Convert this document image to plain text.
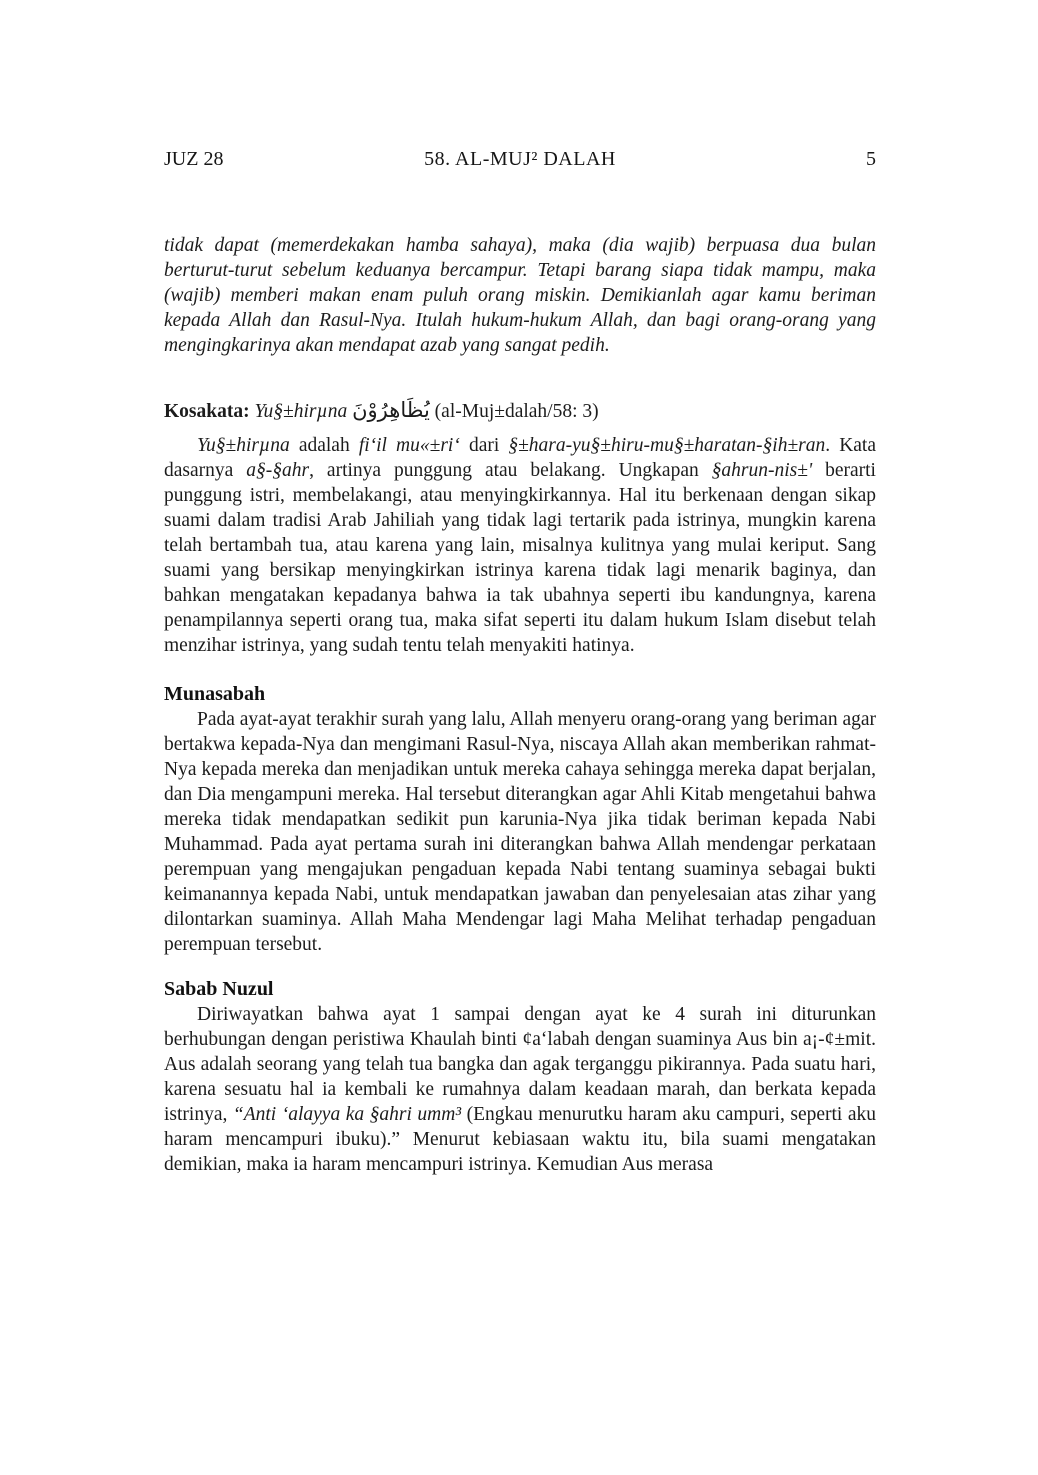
JUZ 28	58. AL-MUJ² DALAH	5

tidak dapat (memerdekakan hamba sahaya), maka (dia wajib) berpuasa dua bulan berturut-turut sebelum keduanya bercampur. Tetapi barang siapa tidak mampu, maka (wajib) memberi makan enam puluh orang miskin. Demikianlah agar kamu beriman kepada Allah dan Rasul-Nya. Itulah hukum-hukum Allah, dan bagi orang-orang yang mengingkarinya akan mendapat azab yang sangat pedih.

Kosakata: Yu§±hirµna يُظَاهِرُوْنَ (al-Muj±dalah/58: 3)

Yu§±hirµna adalah fi‘il mu«±ri‘ dari §±hara-yu§±hiru-mu§±haratan-§ih±ran. Kata dasarnya a§-§ahr, artinya punggung atau belakang. Ungkapan §ahrun-nis±' berarti punggung istri, membelakangi, atau menyingkirkannya. Hal itu berkenaan dengan sikap suami dalam tradisi Arab Jahiliah yang tidak lagi tertarik pada istrinya, mungkin karena telah bertambah tua, atau karena yang lain, misalnya kulitnya yang mulai keriput. Sang suami yang bersikap menyingkirkan istrinya karena tidak lagi menarik baginya, dan bahkan mengatakan kepadanya bahwa ia tak ubahnya seperti ibu kandungnya, karena penampilannya seperti orang tua, maka sifat seperti itu dalam hukum Islam disebut telah menzihar istrinya, yang sudah tentu telah menyakiti hatinya.

Munasabah

Pada ayat-ayat terakhir surah yang lalu, Allah menyeru orang-orang yang beriman agar bertakwa kepada-Nya dan mengimani Rasul-Nya, niscaya Allah akan memberikan rahmat-Nya kepada mereka dan menjadikan untuk mereka cahaya sehingga mereka dapat berjalan, dan Dia mengampuni mereka. Hal tersebut diterangkan agar Ahli Kitab mengetahui bahwa mereka tidak mendapatkan sedikit pun karunia-Nya jika tidak beriman kepada Nabi Muhammad. Pada ayat pertama surah ini diterangkan bahwa Allah mendengar perkataan perempuan yang mengajukan pengaduan kepada Nabi tentang suaminya sebagai bukti keimanannya kepada Nabi, untuk mendapatkan jawaban dan penyelesaian atas zihar yang dilontarkan suaminya. Allah Maha Mendengar lagi Maha Melihat terhadap pengaduan perempuan tersebut.

Sabab Nuzul

Diriwayatkan bahwa ayat 1 sampai dengan ayat ke 4 surah ini diturunkan berhubungan dengan peristiwa Khaulah binti ¢a‘labah dengan suaminya Aus bin a¡-¢±mit. Aus adalah seorang yang telah tua bangka dan agak terganggu pikirannya. Pada suatu hari, karena sesuatu hal ia kembali ke rumahnya dalam keadaan marah, dan berkata kepada istrinya, “Anti ‘alayya ka §ahri umm³ (Engkau menurutku haram aku campuri, seperti aku haram mencampuri ibuku).” Menurut kebiasaan waktu itu, bila suami mengatakan demikian, maka ia haram mencampuri istrinya. Kemudian Aus merasa
